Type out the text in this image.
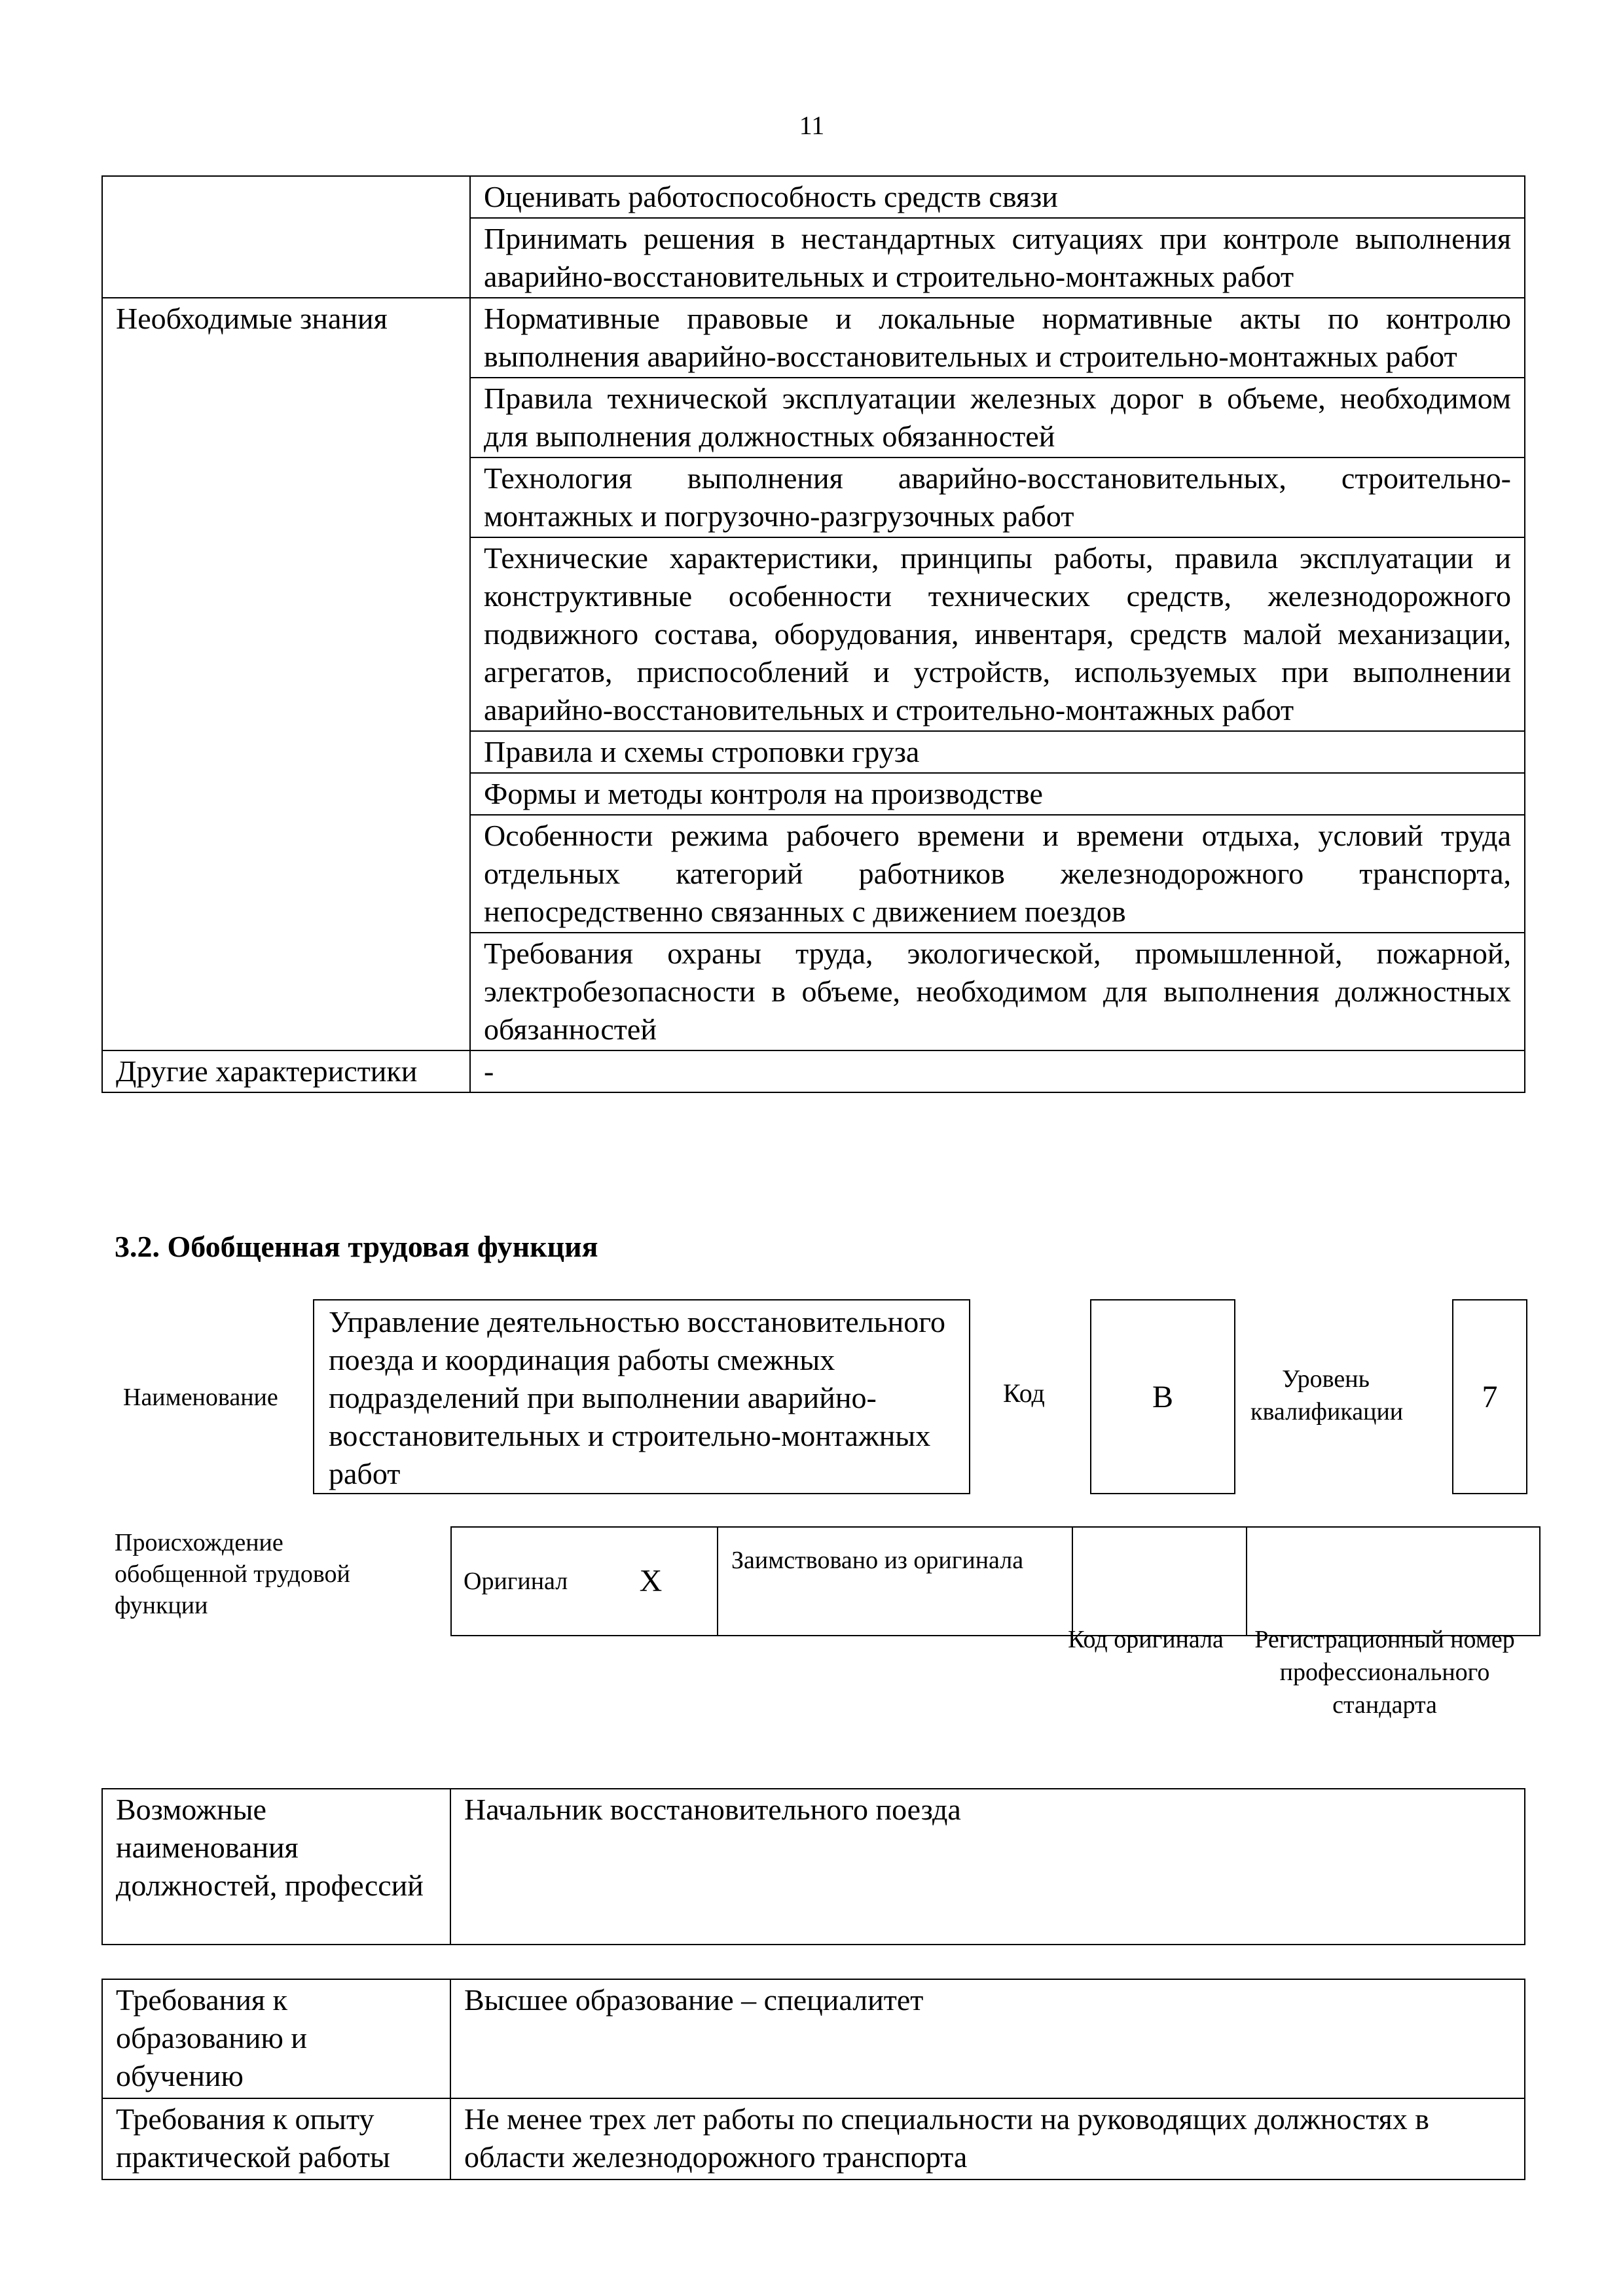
11
	Оценивать работоспособность средств связи
	Принимать решения в нестандартных ситуациях при контроле выполнения аварийно-восстановительных и строительно-монтажных работ
Необходимые знания	Нормативные правовые и локальные нормативные акты по контролю выполнения аварийно-восстановительных и строительно-монтажных работ
	Правила технической эксплуатации железных дорог в объеме, необходимом для выполнения должностных обязанностей
	Технология выполнения аварийно-восстановительных, строительно-монтажных и погрузочно-разгрузочных работ
	Технические характеристики, принципы работы, правила эксплуатации и конструктивные особенности технических средств, железнодорожного подвижного состава, оборудования, инвентаря, средств малой механизации, агрегатов, приспособлений и устройств, используемых при выполнении аварийно-восстановительных и строительно-монтажных работ
	Правила и схемы строповки груза
	Формы и методы контроля на производстве
	Особенности режима рабочего времени и времени отдыха, условий труда отдельных категорий работников железнодорожного транспорта, непосредственно связанных с движением поездов
	Требования охраны труда, экологической, промышленной, пожарной, электробезопасности в объеме, необходимом для выполнения должностных обязанностей
Другие характеристики	-
3.2. Обобщенная трудовая функция
Наименование
Управление деятельностью восстановительного поезда и координация работы смежных подразделений при выполнении аварийно-восстановительных и строительно-монтажных работ
Код	B
Уровень квалификации	7
Происхождение обобщенной трудовой функции
Оригинал	X	Заимствовано из оригинала		
Код оригинала	Регистрационный номер профессионального стандарта
Возможные наименования должностей, профессий	Начальник восстановительного поезда
Требования к образованию и обучению	Высшее образование – специалитет
Требования к опыту практической работы	Не менее трех лет работы по специальности на руководящих должностях в области железнодорожного транспорта
